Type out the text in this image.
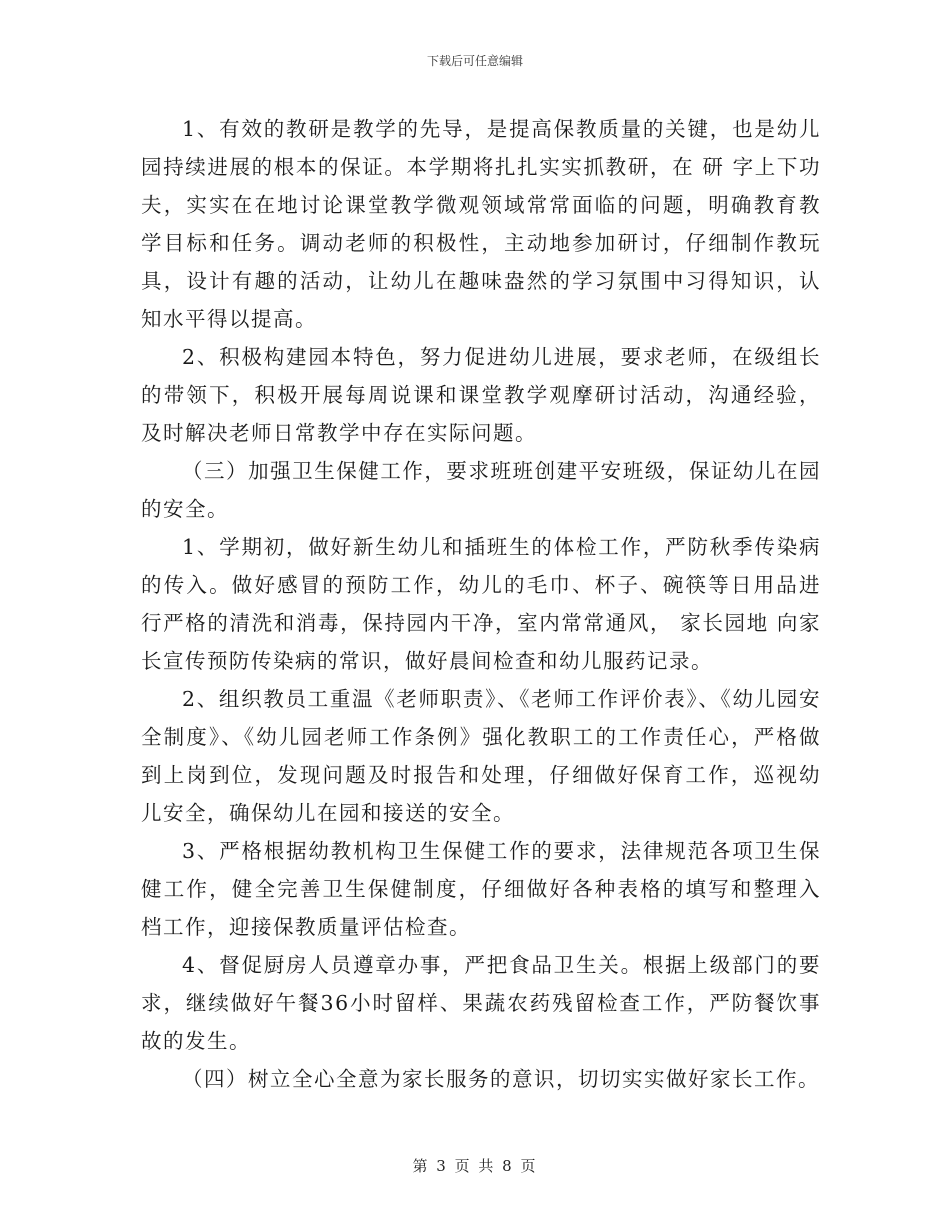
下载后可任意编辑

1、有效的教研是教学的先导，是提高保教质量的关键，也是幼儿园持续进展的根本的保证。本学期将扎扎实实抓教研，在 研 字上下功夫，实实在在地讨论课堂教学微观领域常常面临的问题，明确教育教学目标和任务。调动老师的积极性，主动地参加研讨，仔细制作教玩具，设计有趣的活动，让幼儿在趣味盎然的学习氛围中习得知识，认知水平得以提高。

2、积极构建园本特色，努力促进幼儿进展，要求老师，在级组长的带领下，积极开展每周说课和课堂教学观摩研讨活动，沟通经验，及时解决老师日常教学中存在实际问题。

（三）加强卫生保健工作，要求班班创建平安班级，保证幼儿在园的安全。

1、学期初，做好新生幼儿和插班生的体检工作，严防秋季传染病的传入。做好感冒的预防工作，幼儿的毛巾、杯子、碗筷等日用品进行严格的清洗和消毒，保持园内干净，室内常常通风， 家长园地 向家长宣传预防传染病的常识，做好晨间检查和幼儿服药记录。

2、组织教员工重温《老师职责》、《老师工作评价表》、《幼儿园安全制度》、《幼儿园老师工作条例》强化教职工的工作责任心，严格做到上岗到位，发现问题及时报告和处理，仔细做好保育工作，巡视幼儿安全，确保幼儿在园和接送的安全。

3、严格根据幼教机构卫生保健工作的要求，法律规范各项卫生保健工作，健全完善卫生保健制度，仔细做好各种表格的填写和整理入档工作，迎接保教质量评估检查。

4、督促厨房人员遵章办事，严把食品卫生关。根据上级部门的要求，继续做好午餐36小时留样、果蔬农药残留检查工作，严防餐饮事故的发生。

（四）树立全心全意为家长服务的意识，切切实实做好家长工作。

第 3 页 共 8 页
